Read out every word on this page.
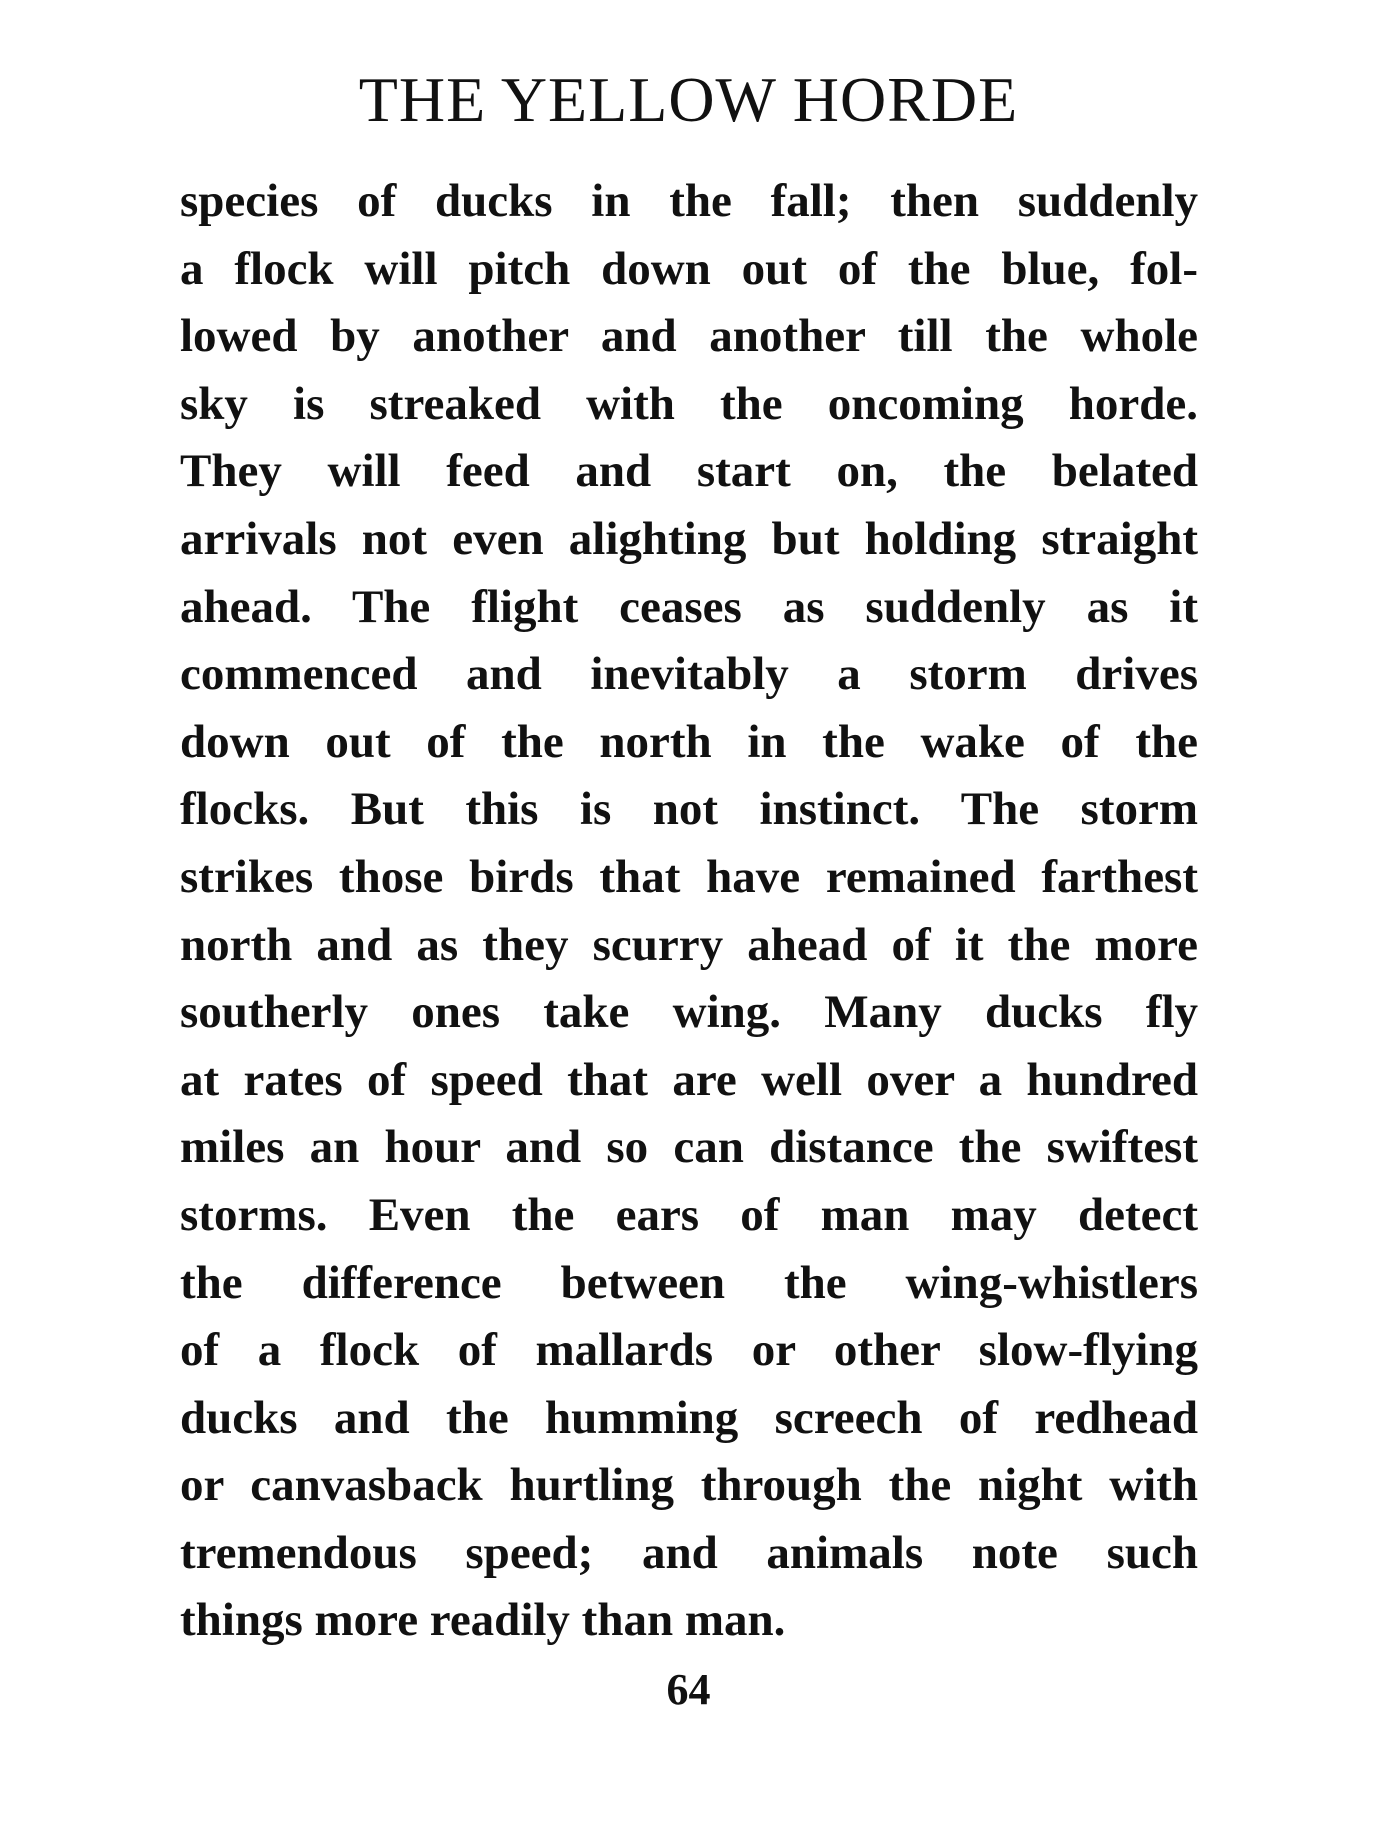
THE YELLOW HORDE
species of ducks in the fall; then suddenly
a flock will pitch down out of the blue, fol-
lowed by another and another till the whole
sky is streaked with the oncoming horde.
They will feed and start on, the belated
arrivals not even alighting but holding straight
ahead. The flight ceases as suddenly as it
commenced and inevitably a storm drives
down out of the north in the wake of the
flocks. But this is not instinct. The storm
strikes those birds that have remained farthest
north and as they scurry ahead of it the more
southerly ones take wing. Many ducks fly
at rates of speed that are well over a hundred
miles an hour and so can distance the swiftest
storms. Even the ears of man may detect
the difference between the wing-whistlers
of a flock of mallards or other slow-flying
ducks and the humming screech of redhead
or canvasback hurtling through the night with
tremendous speed; and animals note such
things more readily than man.
64
